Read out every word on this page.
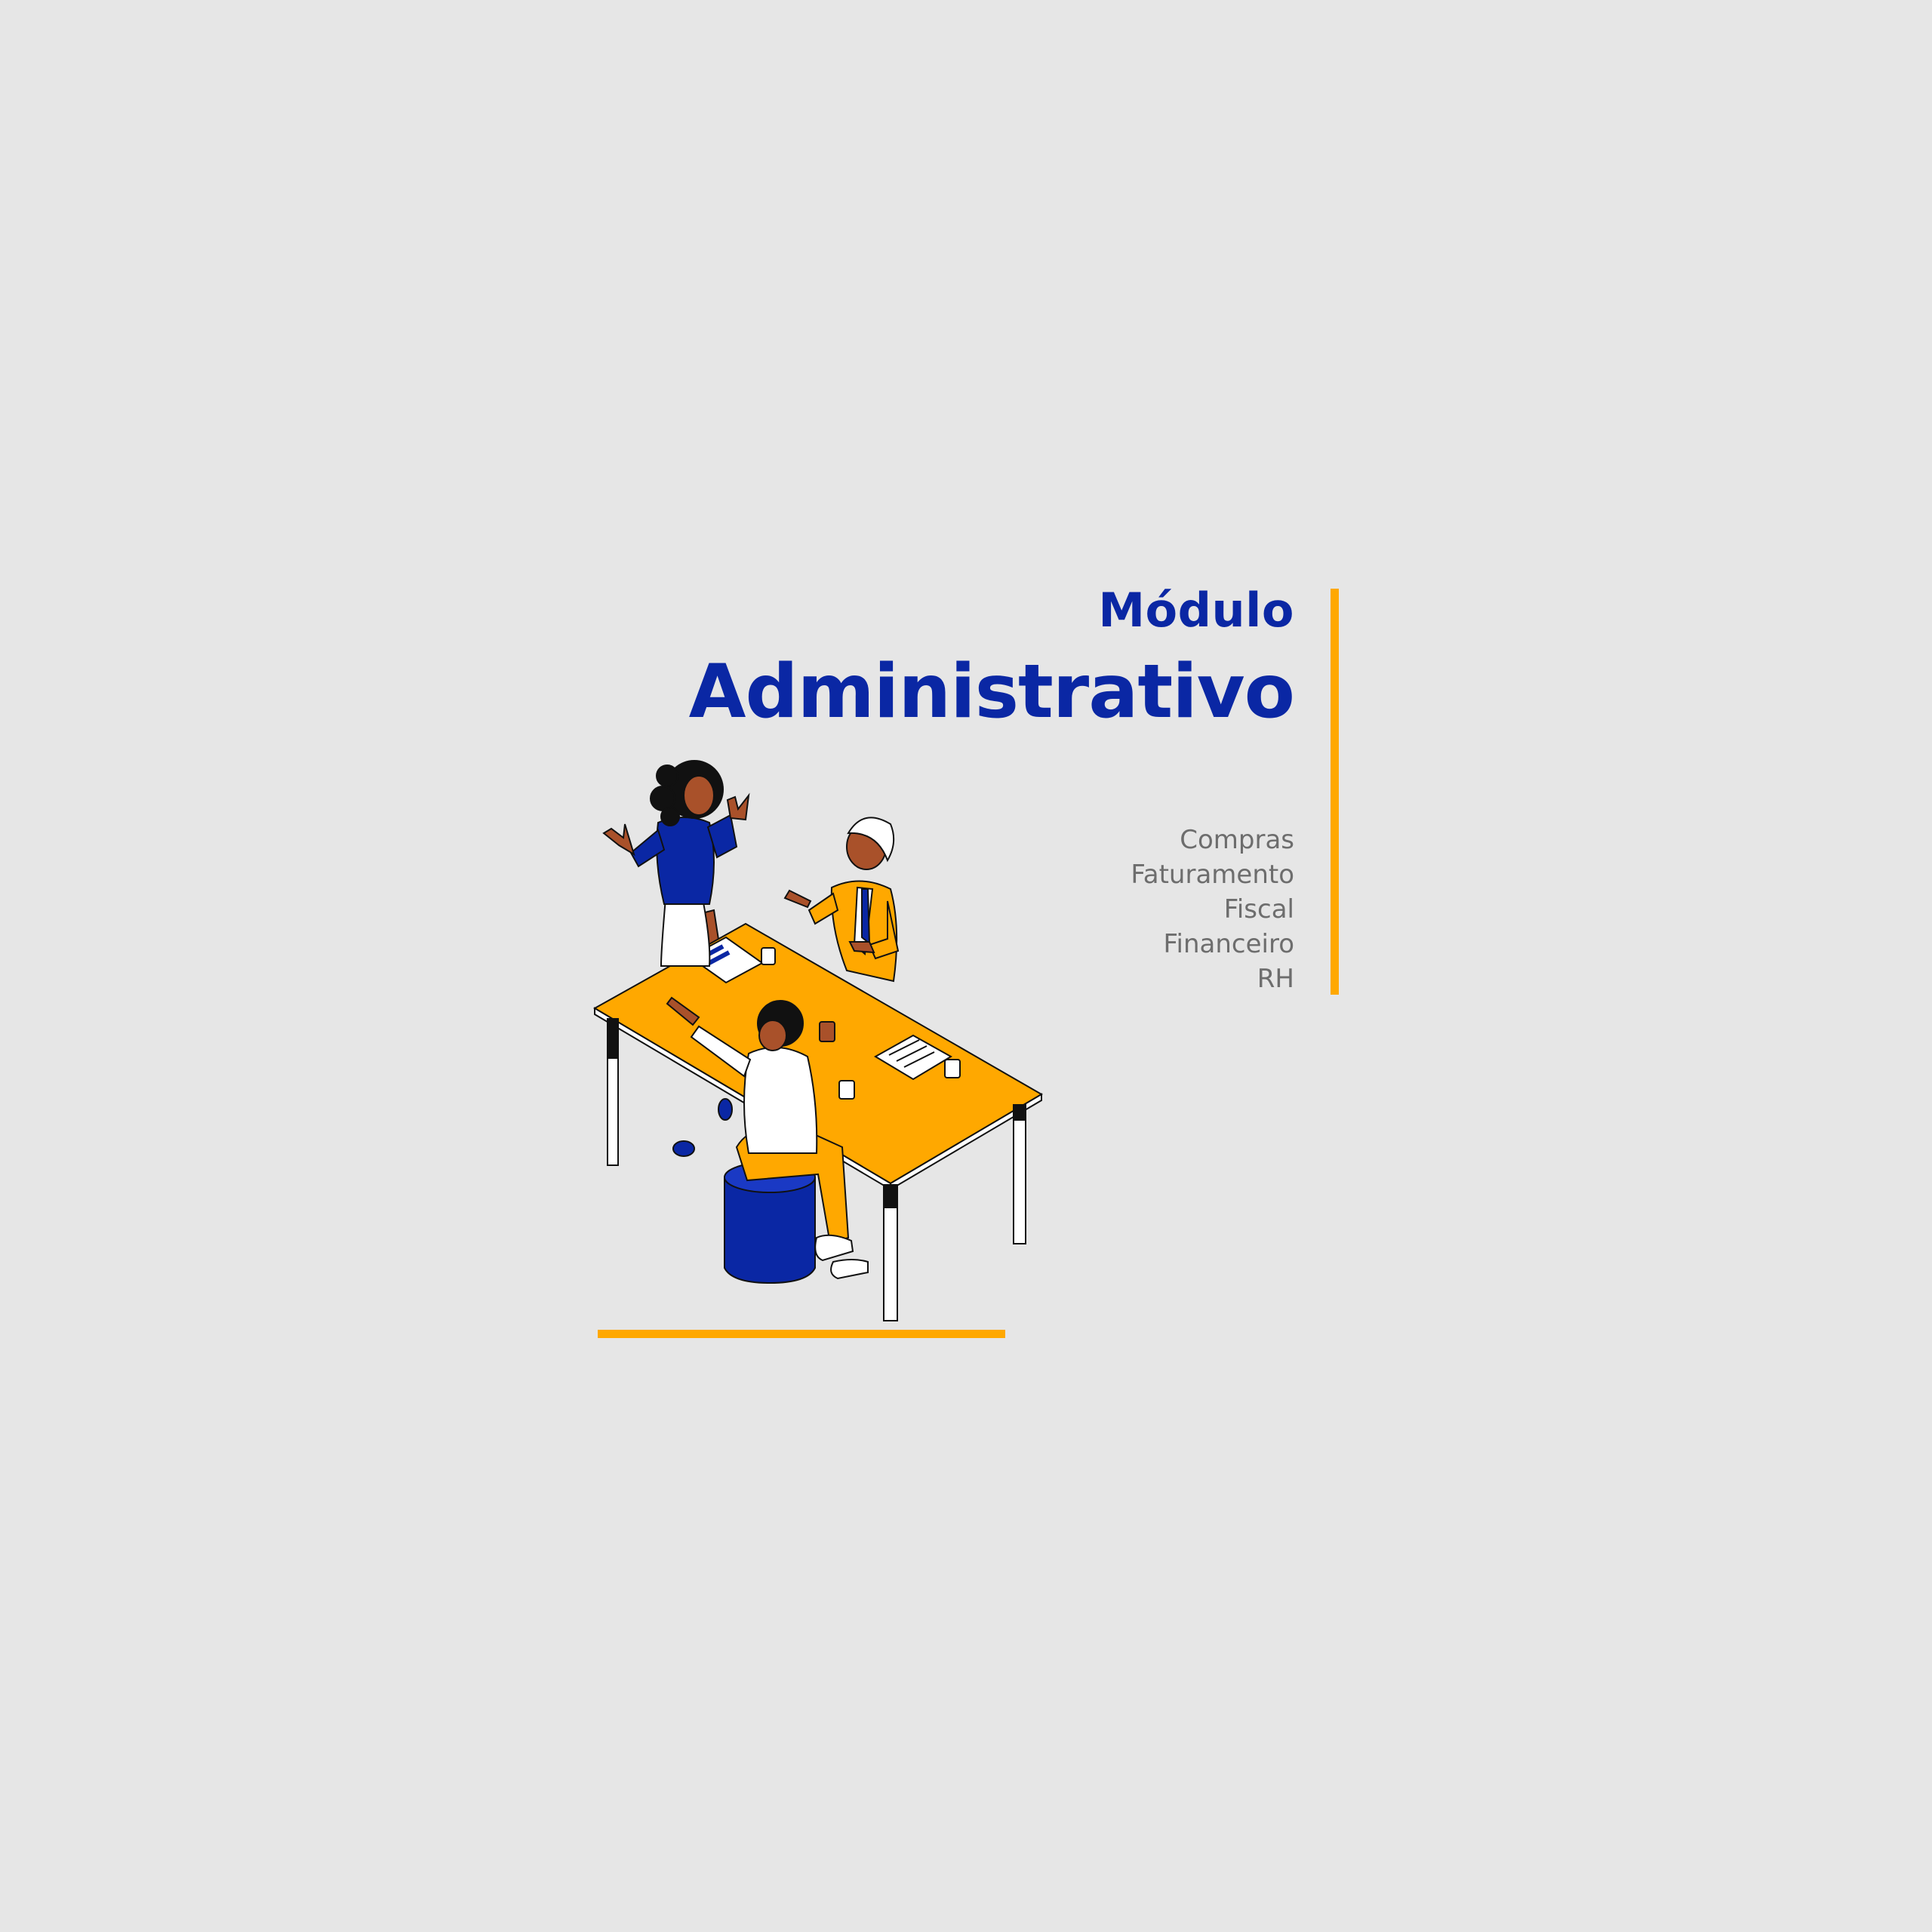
Módulo
Administrativo
Compras
Faturamento
Fiscal
Financeiro
RH
